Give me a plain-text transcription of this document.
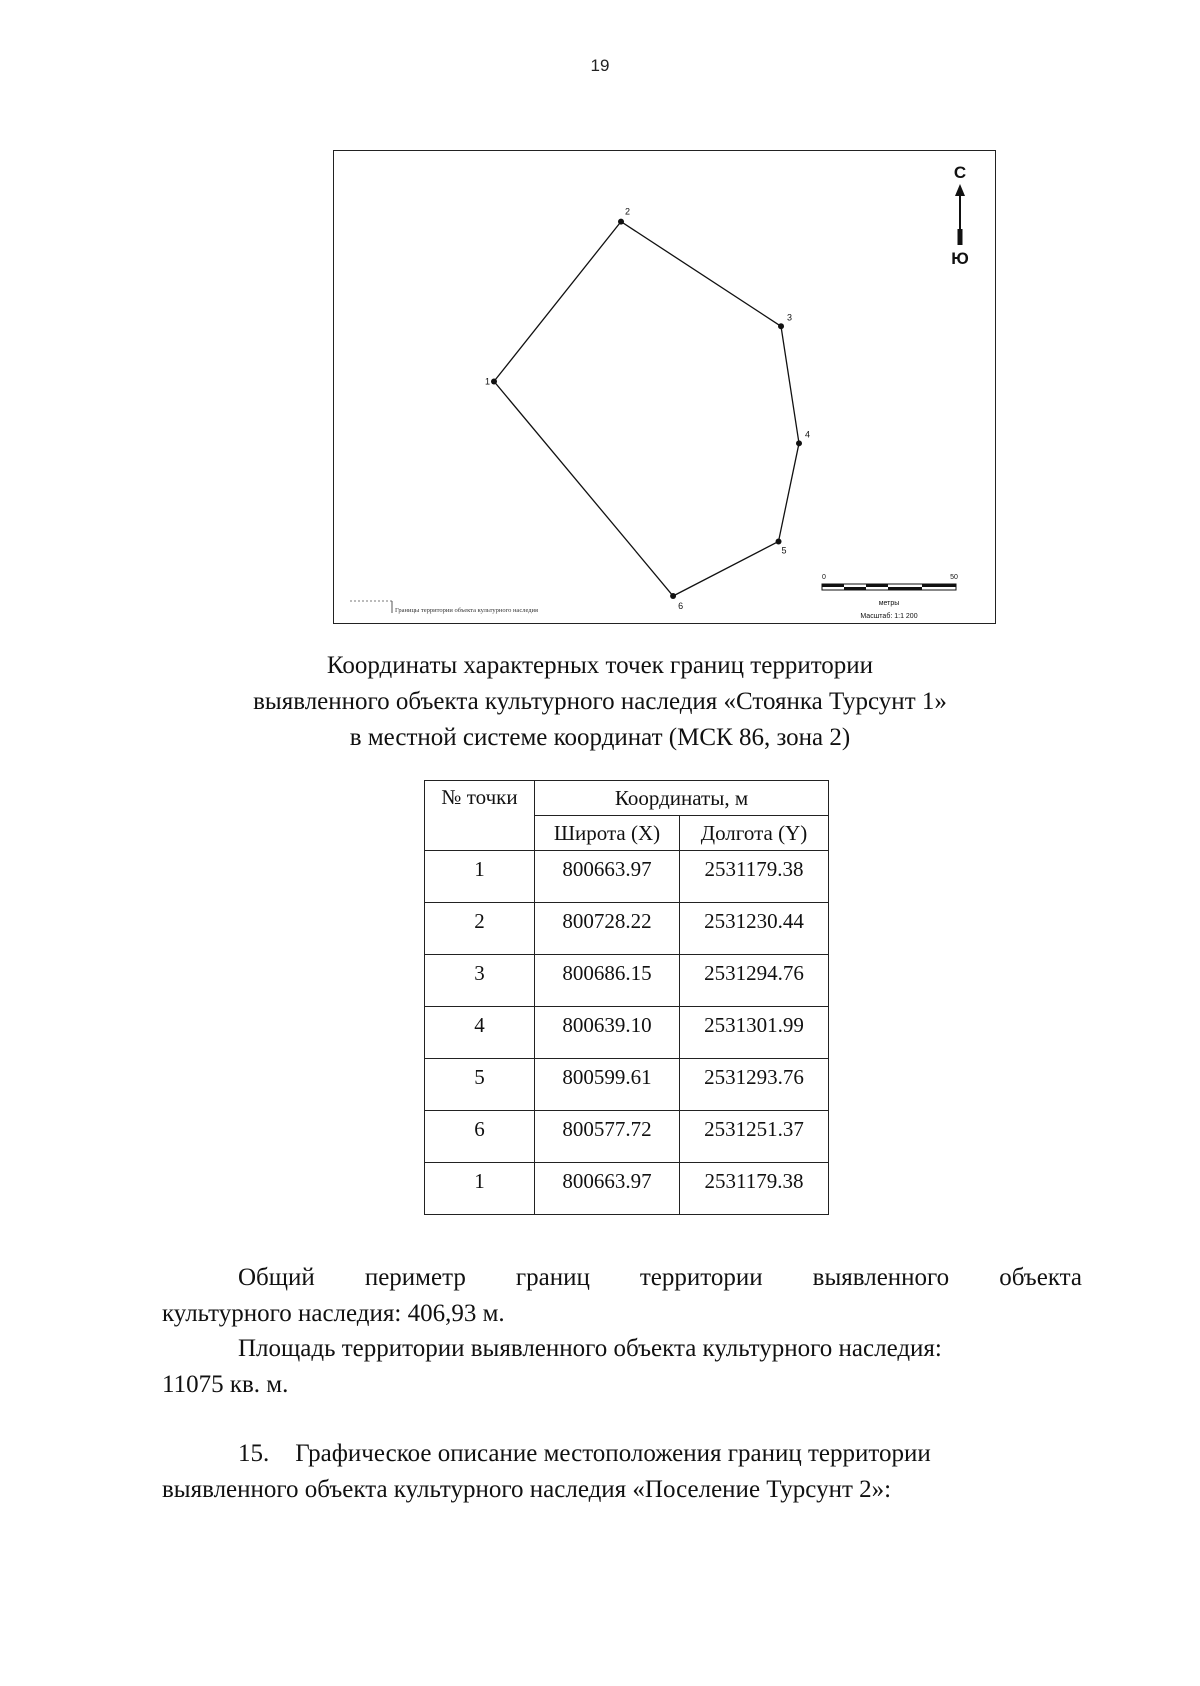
19
1
2
3
4
5
6
С
Ю
0	50
метры
Масштаб: 1:1 200
Границы территории объекта культурного наследия
Координаты характерных точек границ территории
выявленного объекта культурного наследия «Стоянка Турсунт 1»
в местной системе координат (МСК 86, зона 2)
№ точки	Координаты, м	
	Широта (X)	Долгота (Y)
1	800663.97	2531179.38
2	800728.22	2531230.44
3	800686.15	2531294.76
4	800639.10	2531301.99
5	800599.61	2531293.76
6	800577.72	2531251.37
1	800663.97	2531179.38
Общий периметр границ территории выявленного объекта
культурного наследия: 406,93 м.
Площадь территории выявленного объекта культурного наследия:
11075 кв. м.
15. Графическое описание местоположения границ территории
выявленного объекта культурного наследия «Поселение Турсунт 2»:
